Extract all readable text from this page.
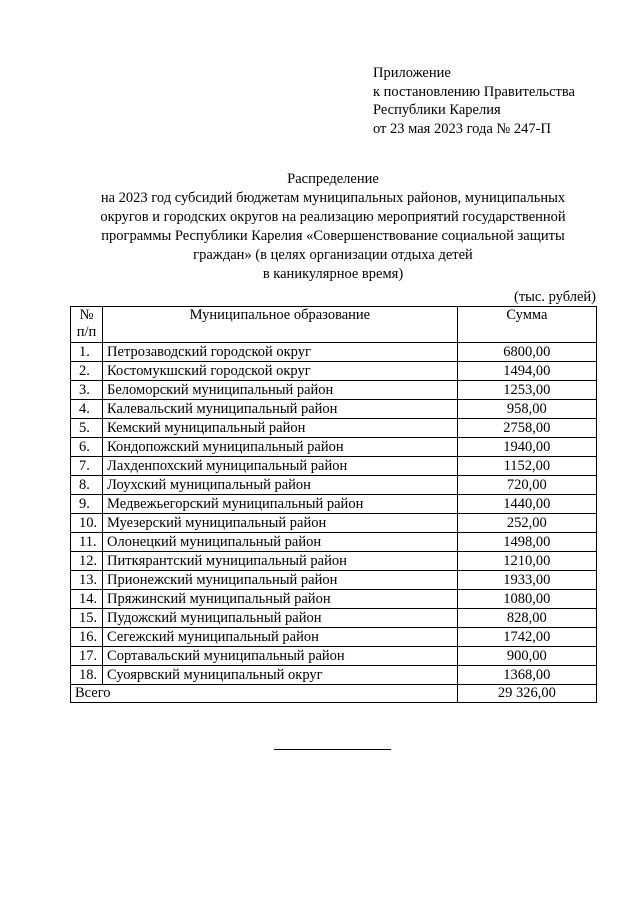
Приложение
к постановлению Правительства
Республики Карелия
от 23 мая 2023 года № 247-П
Распределение
на 2023 год субсидий бюджетам муниципальных районов, муниципальных
округов и городских округов на реализацию мероприятий государственной
программы Республики Карелия «Совершенствование социальной защиты
граждан» (в целях организации отдыха детей
в каникулярное время)
(тыс. рублей)
№
п/п	Муниципальное образование	Сумма
1.	Петрозаводский городской округ	6800,00
2.	Костомукшский городской округ	1494,00
3.	Беломорский муниципальный район	1253,00
4.	Калевальский муниципальный район	958,00
5.	Кемский муниципальный район	2758,00
6.	Кондопожский муниципальный район	1940,00
7.	Лахденпохский муниципальный район	1152,00
8.	Лоухский муниципальный район	720,00
9.	Медвежьегорский муниципальный район	1440,00
10.	Муезерский муниципальный район	252,00
11.	Олонецкий муниципальный район	1498,00
12.	Питкярантский муниципальный район	1210,00
13.	Прионежский муниципальный район	1933,00
14.	Пряжинский муниципальный район	1080,00
15.	Пудожский муниципальный район	828,00
16.	Сегежский муниципальный район	1742,00
17.	Сортавальский муниципальный район	900,00
18.	Суоярвский муниципальный округ	1368,00
Всего		29 326,00
